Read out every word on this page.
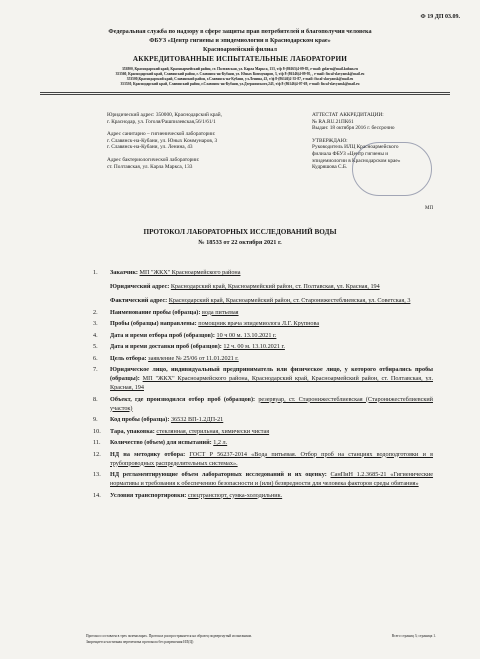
Ф 19 ДП 03.09.
Федеральная служба по надзору в сфере защиты прав потребителей и благополучия человека
ФБУЗ «Центр гигиены и эпидемиологии в Краснодарском крае»
Красноармейский филиал
АККРЕДИТОВАННЫЕ ИСПЫТАТЕЛЬНЫЕ ЛАБОРАТОРИИ
353800, Краснодарский край, Красноармейский район, ст. Полтавская, ул. Карла Маркса, 133, т/ф 8-(86165)4-09-83, e-mail: gsfarm@mail.kuban.ru
353560, Краснодарский край, Славянский район, г. Славянск-на-Кубани, ул. Юных Коммунаров, 3, т/ф 8-(86146)4-09-95, , e-mail: fiscal-slavyansk@mail.ru
353500,Краснодарский край, Славянский район, г.Славянск-на-Кубани, ул.Ленина, 43, т/ф 8-(86146)2-35-87, e-mail: fiscal-slavyansk@mail.ru
353530, Краснодарский край, Славянский район, г.Славянск-на-Кубани, ул.Дзержинского,243, т/ф 8-(86146)4-07-69, e-mail: fiscal-slavyansk@mail.ru

Юридический адрес: 350000, Краснодарский край,
г. Краснодар, ул. Гоголя/Рашпилевская,56/1/61/1

Адрес санитарно – гигиенической лаборатории:
г. Славянск-на-Кубани, ул. Юных Коммунаров, 3
г. Славянск-на-Кубани, ул. Ленина, 43

Адрес бактериологической лаборатории:
ст. Полтавская, ул. Карла Маркса, 133

АТТЕСТАТ АККРЕДИТАЦИИ:
№ RA.RU.21ПК61
Выдан: 18 октября 2016 г. бессрочно

УТВЕРЖДАЮ:
Руководитель ИЛЦ Красноармейского
филиала ФБУЗ «Центр гигиены и
эпидемиологии в Краснодарском крае»
Кудряшова С.Б.

МП
ПРОТОКОЛ ЛАБОРАТОРНЫХ ИССЛЕДОВАНИЙ ВОДЫ
№ 18533 от 22 октября 2021 г.
1. Заказчик: МП "ЖКХ" Красноармейского района
Юридический адрес: Краснодарский край, Красноармейский район, ст. Полтавская, ул. Красная, 194
Фактический адрес: Краснодарский край, Красноармейский район, ст. Старонижестеблиевская, ул. Советская, 3
2. Наименование пробы (образца): вода питьевая
3. Пробы (образцы) направлены: помощник врача эпидемиолога Л.Г. Крупнова
4. Дата и время отбора проб (образцов): 10 ч 00 м. 13.10.2021 г.
5. Дата и время доставки проб (образцов): 12 ч. 00 м. 13.10.2021 г.
6. Цель отбора: заявление № 25/06 от 11.01.2021 г.
7. Юридическое лицо, индивидуальный предприниматель или физическое лицо, у которого отбирались пробы (образцы): МП "ЖКХ" Красноармейского района, Краснодарский край, Красноармейский район, ст. Полтавская, ул. Красная, 194
8. Объект, где производился отбор проб (образцов): резервуар, ст. Старонижестеблиевская (Старонижестеблиевский участок)
9. Код пробы (образца): 36532 ВП-1.2ДП-21
10. Тара, упаковка: стеклянная, стерильная, химически чистая
11. Количество (объем) для испытаний: 1,2 л.
12. НД на методику отбора: ГОСТ Р 56237-2014 «Вода питьевая. Отбор проб на станциях водоподготовки и в трубопроводных распределительных системах».
13. НД регламентирующие объем лабораторных исследований и их оценку: СанПиН 1.2.3685-21 «Гигиенические нормативы и требования к обеспечению безопасности и (или) безвредности для человека факторов среды обитания»
14. Условия транспортировки: спецтранспорт, сумка-холодильник.
Протокол составлен в трех экземплярах. Протокол распространяется на образец подвергнутый испытаниям.
Запрещается частичная перепечатка протокола без разрешения ИЛ(Ц)
Всего страниц 3; страница 1.
